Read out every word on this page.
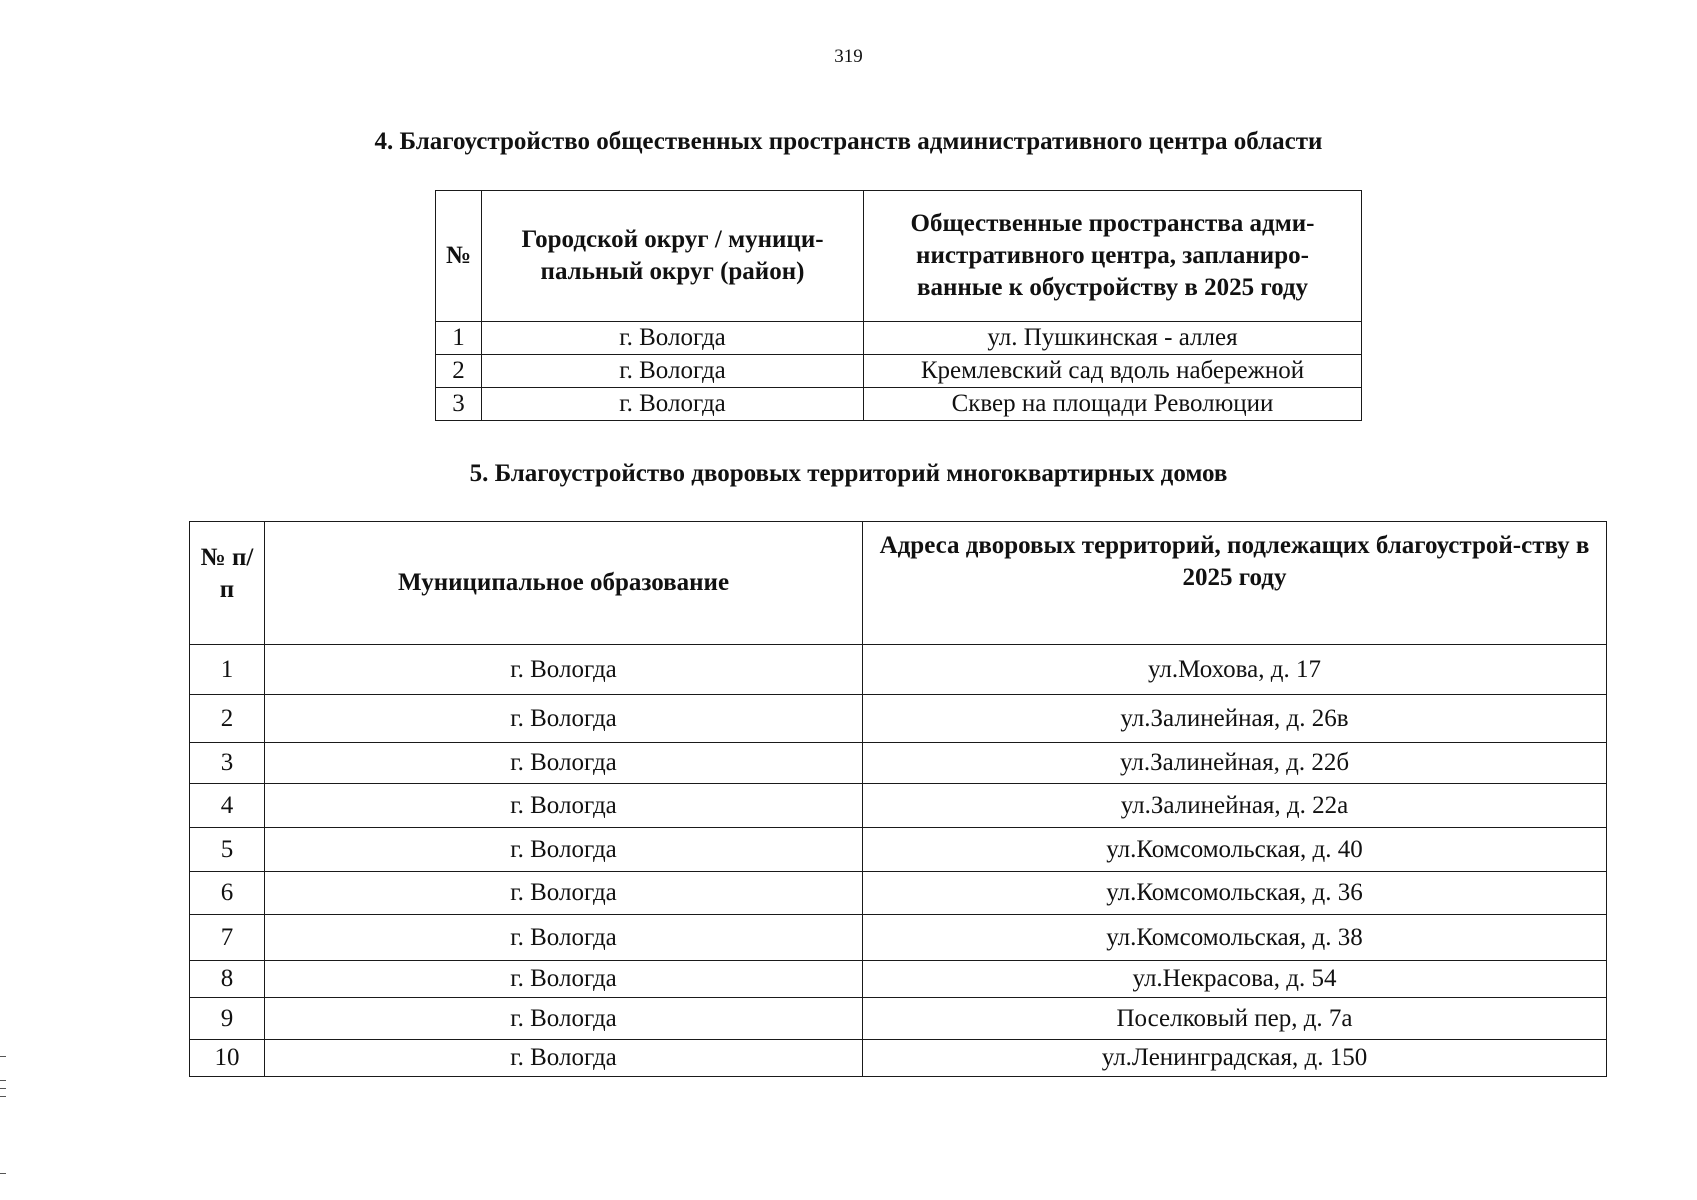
319
4. Благоустройство общественных пространств административного центра области
№	Городской округ / муници-пальный округ (район)	Общественные пространства адми-нистративного центра, запланиро-ванные к обустройству в 2025 году
1	г. Вологда	ул. Пушкинская - аллея
2	г. Вологда	Кремлевский сад вдоль набережной
3	г. Вологда	Сквер на площади Революции
5. Благоустройство дворовых территорий многоквартирных домов
№ п/п	Муниципальное образование	Адреса дворовых территорий, подлежащих благоустрой-ству в 2025 году
1	г. Вологда	ул.Мохова, д. 17
2	г. Вологда	ул.Залинейная, д. 26в
3	г. Вологда	ул.Залинейная, д. 22б
4	г. Вологда	ул.Залинейная, д. 22а
5	г. Вологда	ул.Комсомольская, д. 40
6	г. Вологда	ул.Комсомольская, д. 36
7	г. Вологда	ул.Комсомольская, д. 38
8	г. Вологда	ул.Некрасова, д. 54
9	г. Вологда	Поселковый пер, д. 7а
10	г. Вологда	ул.Ленинградская, д. 150
